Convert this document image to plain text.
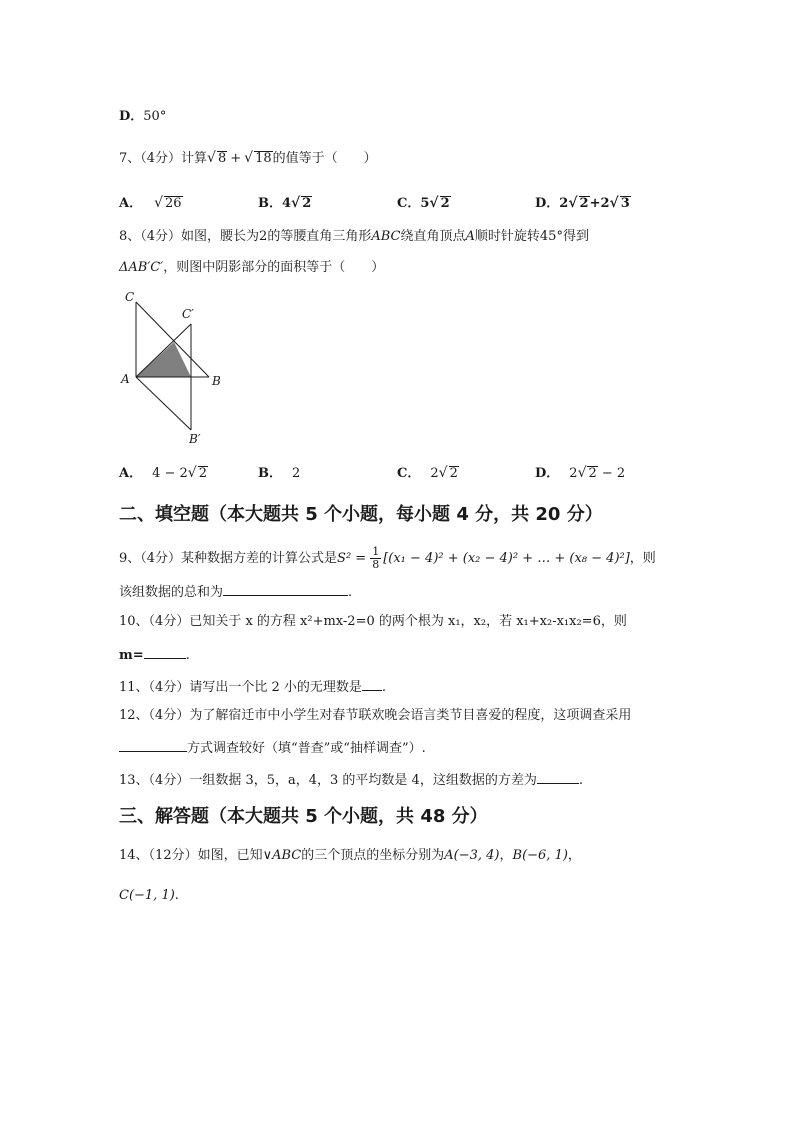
D．50°
7、（4分）计算√ 8 + √ 18的值等于（　　）
A． √ 26	B．4√ 2	C．5√ 2	D．2√ 2+2√ 3
8、（4分）如图，腰长为2的等腰直角三角形ABC绕直角顶点A顺时针旋转45°得到
ΔAB′C′，则图中阴影部分的面积等于（　　）
C
C′
A	B
B′
A． 4 − 2√ 2	B． 2	C． 2√ 2	D． 2√ 2 − 2
二、填空题（本大题共 5 个小题，每小题 4 分，共 20 分）
9、（4分）某种数据方差的计算公式是$S^2 = \frac{1}{8} [(x_1 - 4)^2 + (x_2 - 4)^2$ + … + (x₈ − 4)²]，则
该组数据的总和为	.
10、（4分）已知关于 x 的方程 x²+mx-2=0 的两个根为 x₁，x₂，若 x₁+x₂-x₁x₂=6，则
m=	.
11、（4分）请写出一个比 2 小的无理数是 .
12、（4分）为了解宿迁市中小学生对春节联欢晚会语言类节目喜爱的程度，这项调查采用
方式调查较好（填“普查”或“抽样调查”）.
13、（4分）一组数据 3，5，a，4，3 的平均数是 4，这组数据的方差为	.
三、解答题（本大题共 5 个小题，共 48 分）
14、（12分）如图，已知∨ABC的三个顶点的坐标分别为A(−3, 4)，B(−6, 1)，
C(−1, 1).
